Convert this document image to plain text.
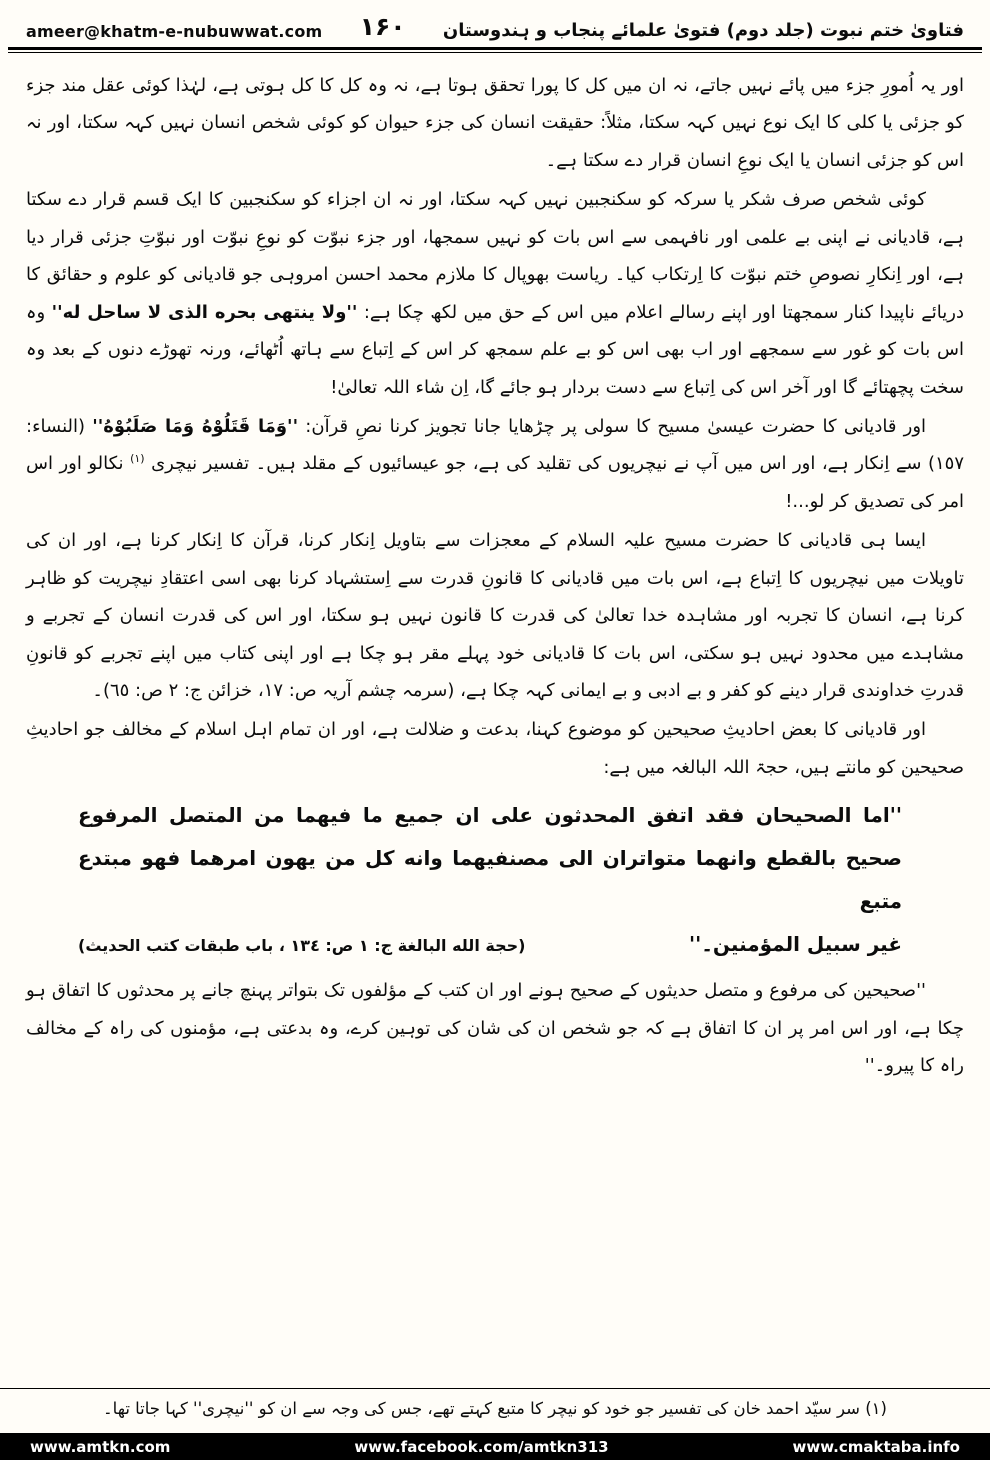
ameer@khatm-e-nubuwwat.com ۱۶۰ فتاویٰ ختم نبوت (جلد دوم) فتویٰ علمائے پنجاب و ہندوستان

اور یہ اُمورِ جزء میں پائے نہیں جاتے، نہ ان میں کل کا پورا تحقق ہوتا ہے، نہ وہ کل کا کل ہوتی ہے، لہٰذا کوئی عقل مند جزء کو جزئی یا کلی کا ایک نوع نہیں کہہ سکتا، مثلاً: حقیقت انسان کی جزء حیوان کو کوئی شخص انسان نہیں کہہ سکتا، اور نہ اس کو جزئی انسان یا ایک نوعِ انسان قرار دے سکتا ہے۔

کوئی شخص صرف شکر یا سرکہ کو سکنجبین نہیں کہہ سکتا، اور نہ ان اجزاء کو سکنجبین کا ایک قسم قرار دے سکتا ہے، قادیانی نے اپنی بے علمی اور نافہمی سے اس بات کو نہیں سمجھا، اور جزء نبوّت کو نوعِ نبوّت اور نبوّتِ جزئی قرار دیا ہے، اور اِنکارِ نصوصِ ختم نبوّت کا اِرتکاب کیا۔ ریاست بھوپال کا ملازم محمد احسن امروہی جو قادیانی کو علوم و حقائق کا دریائے ناپیدا کنار سمجھتا اور اپنے رسالے اعلام میں اس کے حق میں لکھ چکا ہے: ''ولا ينتهى بحره الذى لا ساحل له'' وہ اس بات کو غور سے سمجھے اور اب بھی اس کو بے علم سمجھ کر اس کے اِتباع سے ہاتھ اُٹھائے، ورنہ تھوڑے دنوں کے بعد وہ سخت پچھتائے گا اور آخر اس کی اِتباع سے دست بردار ہو جائے گا، اِن شاء اللہ تعالیٰ!

اور قادیانی کا حضرت عیسیٰ مسیح کا سولی پر چڑھایا جانا تجویز کرنا نصِ قرآن: ''وَمَا قَتَلُوْهُ وَمَا صَلَبُوْهُ'' (النساء: ١٥٧) سے اِنکار ہے، اور اس میں آپ نے نیچریوں کی تقلید کی ہے، جو عیسائیوں کے مقلد ہیں۔ تفسیر نیچری $^{(۱)}$ نکالو اور اس امر کی تصدیق کر لو...!

ایسا ہی قادیانی کا حضرت مسیح علیہ السلام کے معجزات سے بتاویل اِنکار کرنا، قرآن کا اِنکار کرنا ہے، اور ان کی تاویلات میں نیچریوں کا اِتباع ہے، اس بات میں قادیانی کا قانونِ قدرت سے اِستشہاد کرنا بھی اسی اعتقادِ نیچریت کو ظاہر کرنا ہے، انسان کا تجربہ اور مشاہدہ خدا تعالیٰ کی قدرت کا قانون نہیں ہو سکتا، اور اس کی قدرت انسان کے تجربے و مشاہدے میں محدود نہیں ہو سکتی، اس بات کا قادیانی خود پہلے مقر ہو چکا ہے اور اپنی کتاب میں اپنے تجربے کو قانونِ قدرتِ خداوندی قرار دینے کو کفر و بے ادبی و بے ایمانی کہہ چکا ہے، (سرمہ چشم آریہ ص: ١٧، خزائن ج: ٢ ص: ٦٥)۔

اور قادیانی کا بعض احادیثِ صحیحین کو موضوع کہنا، بدعت و ضلالت ہے، اور ان تمام اہل اسلام کے مخالف جو احادیثِ صحیحین کو مانتے ہیں، حجۃ اللہ البالغہ میں ہے:

''اما الصحيحان فقد اتفق المحدثون على ان جميع ما فيهما من المتصل المرفوع صحيح بالقطع وانهما متواتران الى مصنفيهما وانه كل من يهون امرهما فهو مبتدع متبع

غير سبيل المؤمنين۔''
(حجة الله البالغة ج: ١ ص: ١٣٤ ، باب طبقات كتب الحديث)

''صحیحین کی مرفوع و متصل حدیثوں کے صحیح ہونے اور ان کتب کے مؤلفوں تک بتواتر پہنچ جانے پر محدثوں کا اتفاق ہو چکا ہے، اور اس امر پر ان کا اتفاق ہے کہ جو شخص ان کی شان کی توہین کرے، وہ بدعتی ہے، مؤمنوں کی راہ کے مخالف راہ کا پیرو۔''

(۱) سر سیّد احمد خان کی تفسیر جو خود کو نیچر کا متبع کہتے تھے، جس کی وجہ سے ان کو ''نیچری'' کہا جاتا تھا۔
www.amtkn.com	www.facebook.com/amtkn313	www.cmaktaba.info
